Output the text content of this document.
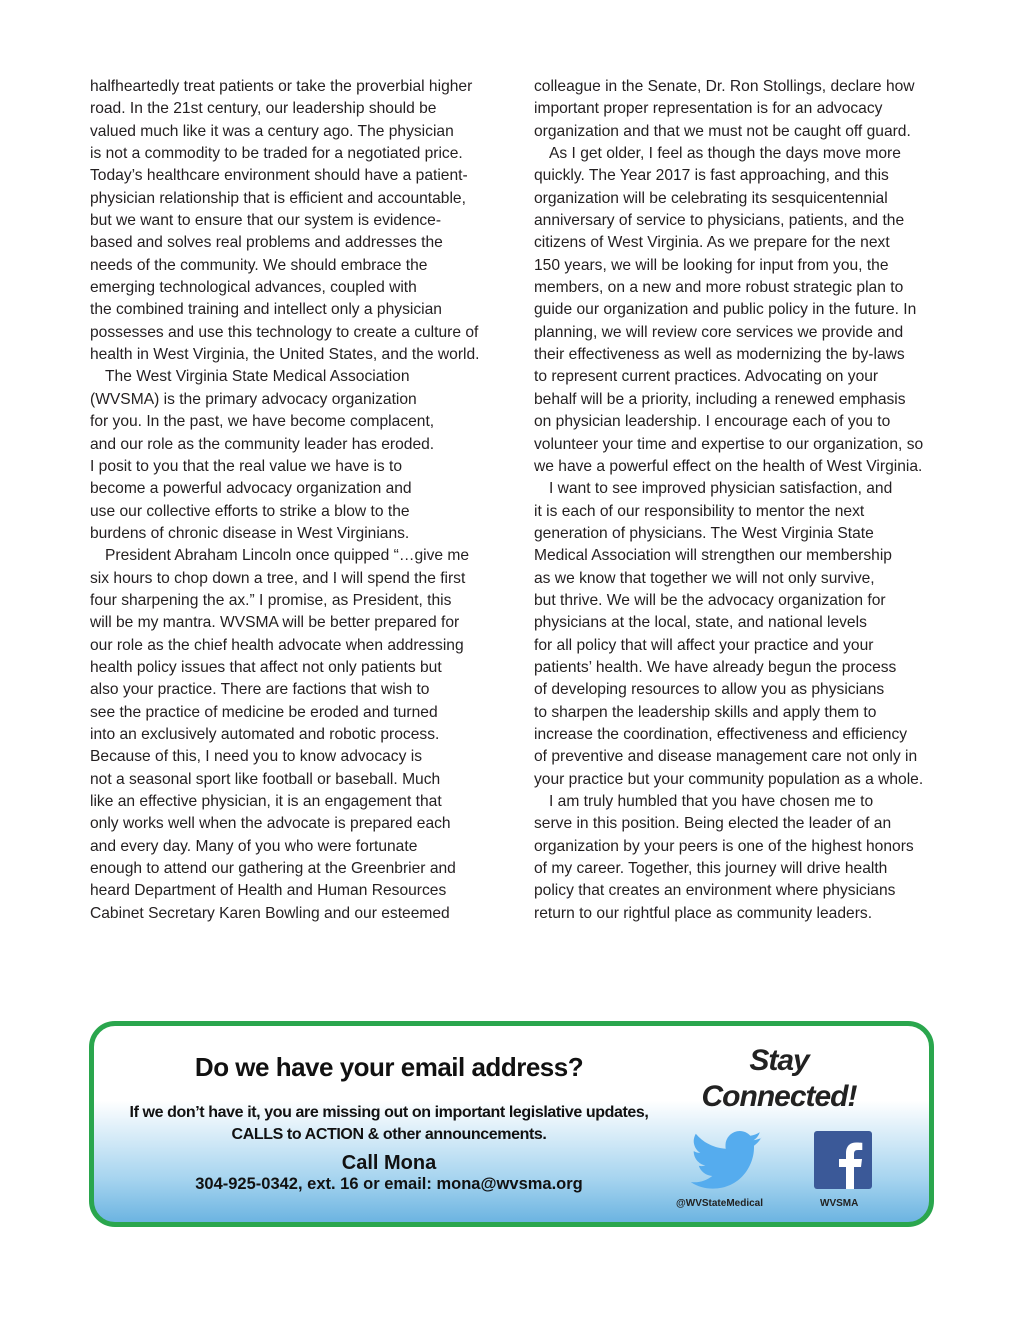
halfheartedly treat patients or take the proverbial higher
road. In the 21st century, our leadership should be
valued much like it was a century ago. The physician
is not a commodity to be traded for a negotiated price.
Today’s healthcare environment should have a patient-
physician relationship that is efficient and accountable,
but we want to ensure that our system is evidence-
based and solves real problems and addresses the
needs of the community. We should embrace the
emerging technological advances, coupled with
the combined training and intellect only a physician
possesses and use this technology to create a culture of
health in West Virginia, the United States, and the world.
The West Virginia State Medical Association
(WVSMA) is the primary advocacy organization
for you. In the past, we have become complacent,
and our role as the community leader has eroded.
I posit to you that the real value we have is to
become a powerful advocacy organization and
use our collective efforts to strike a blow to the
burdens of chronic disease in West Virginians.
President Abraham Lincoln once quipped “…give me
six hours to chop down a tree, and I will spend the first
four sharpening the ax.” I promise, as President, this
will be my mantra. WVSMA will be better prepared for
our role as the chief health advocate when addressing
health policy issues that affect not only patients but
also your practice. There are factions that wish to
see the practice of medicine be eroded and turned
into an exclusively automated and robotic process.
Because of this, I need you to know advocacy is
not a seasonal sport like football or baseball. Much
like an effective physician, it is an engagement that
only works well when the advocate is prepared each
and every day. Many of you who were fortunate
enough to attend our gathering at the Greenbrier and
heard Department of Health and Human Resources
Cabinet Secretary Karen Bowling and our esteemed
colleague in the Senate, Dr. Ron Stollings, declare how
important proper representation is for an advocacy
organization and that we must not be caught off guard.
As I get older, I feel as though the days move more
quickly. The Year 2017 is fast approaching, and this
organization will be celebrating its sesquicentennial
anniversary of service to physicians, patients, and the
citizens of West Virginia. As we prepare for the next
150 years, we will be looking for input from you, the
members, on a new and more robust strategic plan to
guide our organization and public policy in the future. In
planning, we will review core services we provide and
their effectiveness as well as modernizing the by-laws
to represent current practices. Advocating on your
behalf will be a priority, including a renewed emphasis
on physician leadership. I encourage each of you to
volunteer your time and expertise to our organization, so
we have a powerful effect on the health of West Virginia.
I want to see improved physician satisfaction, and
it is each of our responsibility to mentor the next
generation of physicians. The West Virginia State
Medical Association will strengthen our membership
as we know that together we will not only survive,
but thrive. We will be the advocacy organization for
physicians at the local, state, and national levels
for all policy that will affect your practice and your
patients’ health. We have already begun the process
of developing resources to allow you as physicians
to sharpen the leadership skills and apply them to
increase the coordination, effectiveness and efficiency
of preventive and disease management care not only in
your practice but your community population as a whole.
I am truly humbled that you have chosen me to
serve in this position. Being elected the leader of an
organization by your peers is one of the highest honors
of my career. Together, this journey will drive health
policy that creates an environment where physicians
return to our rightful place as community leaders.
Do we have your email address?
If we don’t have it, you are missing out on important legislative updates,
CALLS to ACTION & other announcements.
Call Mona
304-925-0342, ext. 16 or email: mona@wvsma.org
Stay
Connected!
@WVStateMedical	WVSMA
